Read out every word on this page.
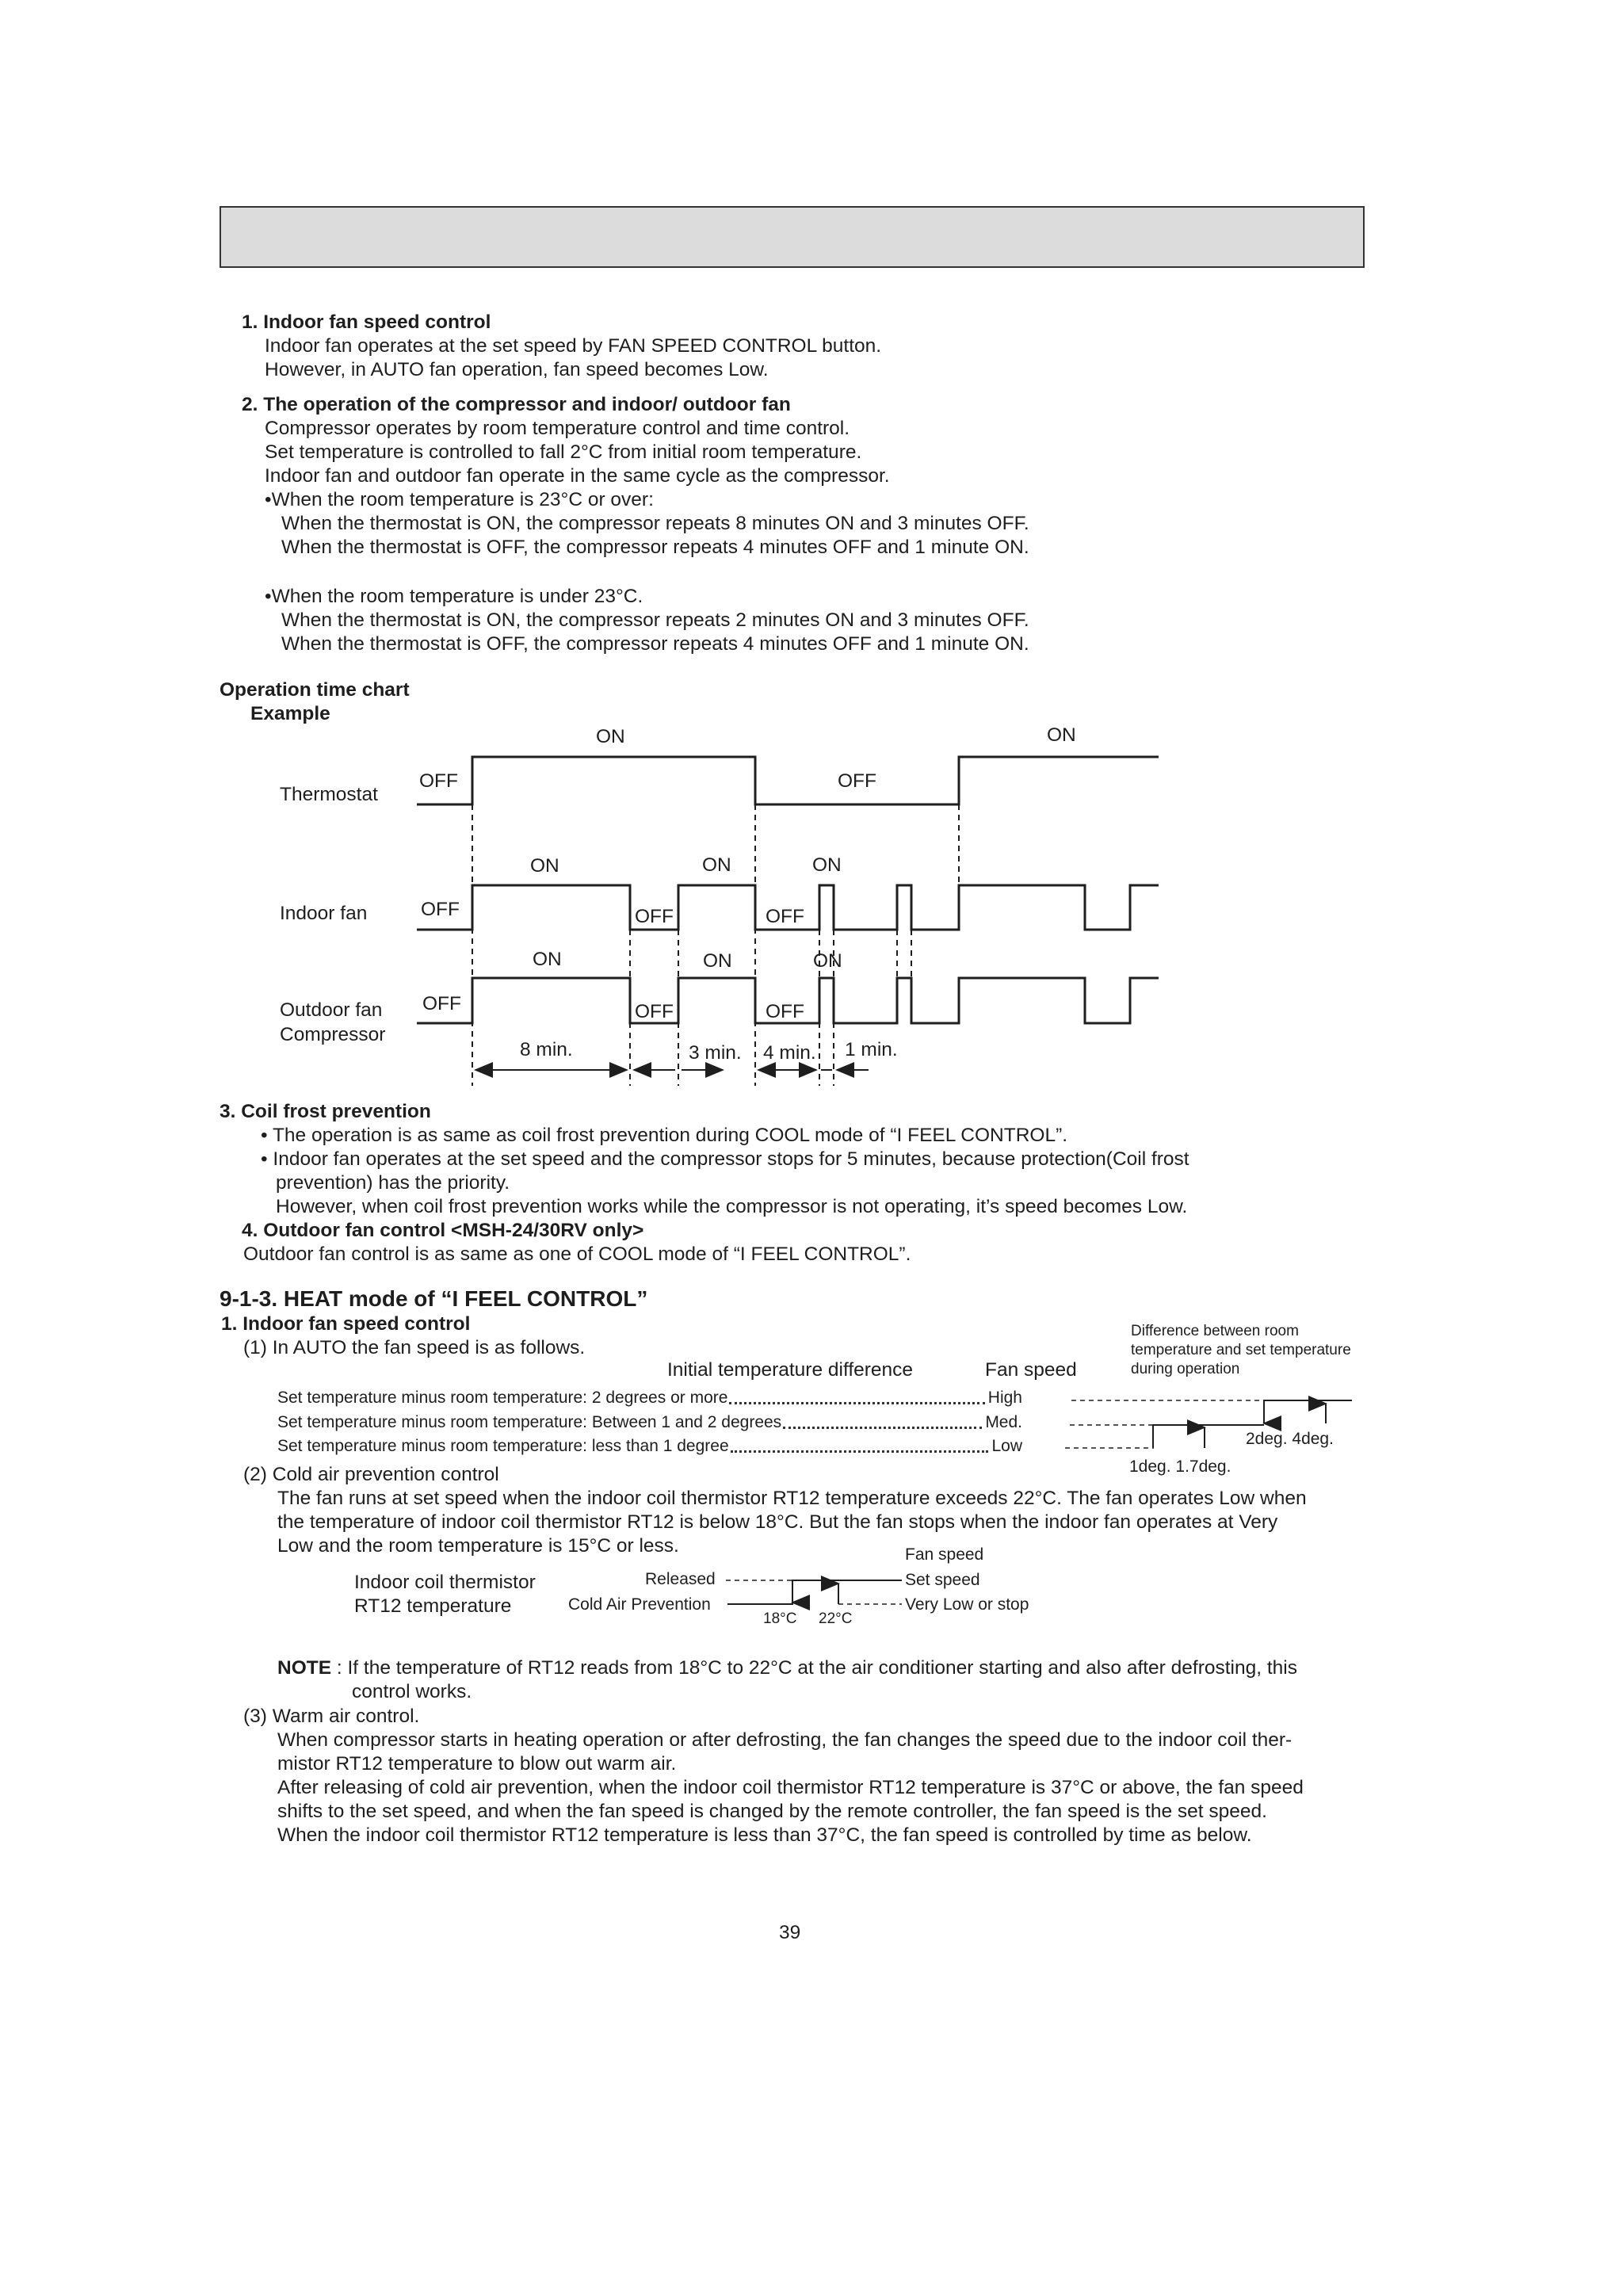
1. Indoor fan speed control
Indoor fan operates at the set speed by FAN SPEED CONTROL button.
However, in AUTO fan operation, fan speed becomes Low.
2. The operation of the compressor and indoor/ outdoor fan
Compressor operates by room temperature control and time control.
Set temperature is controlled to fall 2°C from initial room temperature.
Indoor fan and outdoor fan operate in the same cycle as the compressor.
•When the room temperature is 23°C or over:
When the thermostat is ON, the compressor repeats 8 minutes ON and 3 minutes OFF.
When the thermostat is OFF, the compressor repeats 4 minutes OFF and 1 minute ON.
•When the room temperature is under 23°C.
When the thermostat is ON, the compressor repeats 2 minutes ON and 3 minutes OFF.
When the thermostat is OFF, the compressor repeats 4 minutes OFF and 1 minute ON.
Operation time chart
Example
Thermostat
Indoor fan
Outdoor fan
Compressor
ON	ON
OFF	OFF
ON	ON	ON
OFF	OFF	OFF
ON	ON	ON
OFF	OFF	OFF
8 min.	3 min. 4 min. 1 min.
3. Coil frost prevention
• The operation is as same as coil frost prevention during COOL mode of “I FEEL CONTROL”.
• Indoor fan operates at the set speed and the compressor stops for 5 minutes, because protection(Coil frost
prevention) has the priority.
However, when coil frost prevention works while the compressor is not operating, it’s speed becomes Low.
4. Outdoor fan control <MSH-24/30RV only>
Outdoor fan control is as same as one of COOL mode of “I FEEL CONTROL”.
9-1-3. HEAT mode of “I FEEL CONTROL”
1. Indoor fan speed control
(1) In AUTO the fan speed is as follows.
Initial temperature difference	Fan speed
Difference between room
temperature and set temperature
during operation
Set temperature minus room temperature: 2 degrees or more	High
Set temperature minus room temperature: Between 1 and 2 degrees	Med.
Set temperature minus room temperature: less than 1 degree	Low	2deg. 4deg.
1deg. 1.7deg.
(2) Cold air prevention control
The fan runs at set speed when the indoor coil thermistor RT12 temperature exceeds 22°C. The fan operates Low when
the temperature of indoor coil thermistor RT12 is below 18°C. But the fan stops when the indoor fan operates at Very
Low and the room temperature is 15°C or less.
Indoor coil thermistor
RT12 temperature
Released
Cold Air Prevention
18°C 22°C
Fan speed
Set speed
Very Low or stop
NOTE : If the temperature of RT12 reads from 18°C to 22°C at the air conditioner starting and also after defrosting, this
control works.
(3) Warm air control.
When compressor starts in heating operation or after defrosting, the fan changes the speed due to the indoor coil ther-
mistor RT12 temperature to blow out warm air.
After releasing of cold air prevention, when the indoor coil thermistor RT12 temperature is 37°C or above, the fan speed
shifts to the set speed, and when the fan speed is changed by the remote controller, the fan speed is the set speed.
When the indoor coil thermistor RT12 temperature is less than 37°C, the fan speed is controlled by time as below.
39
